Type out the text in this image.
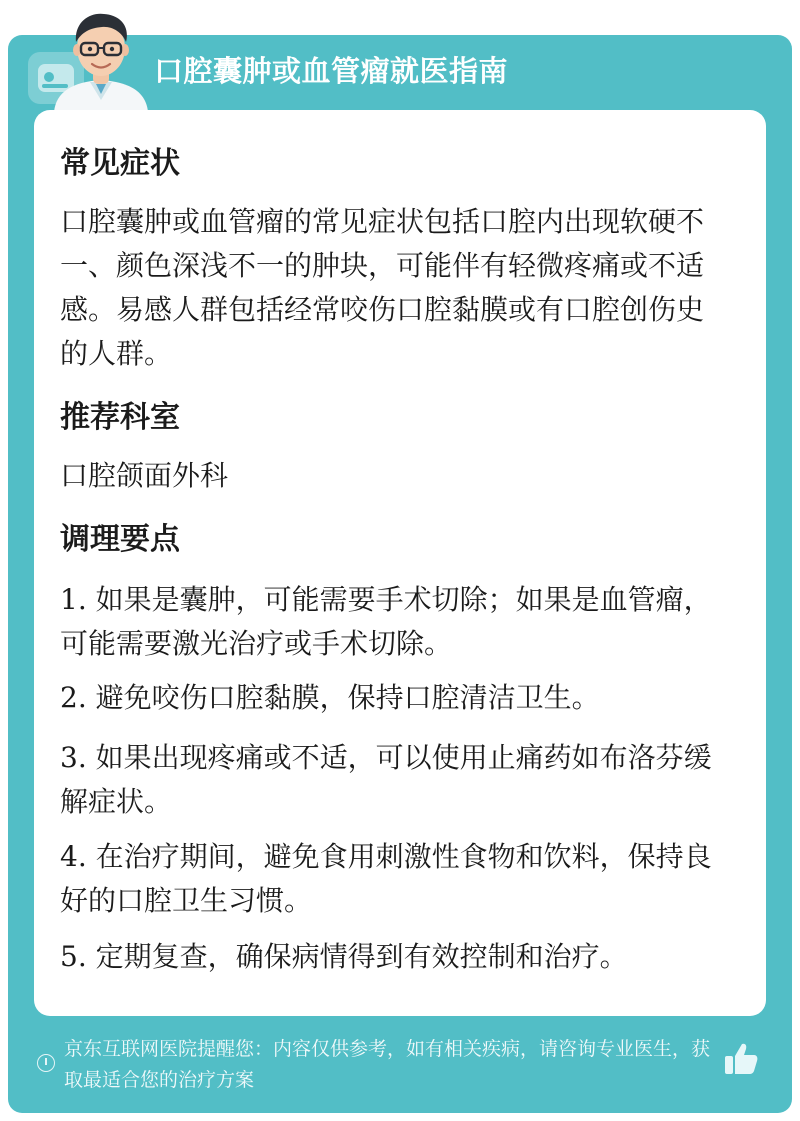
口腔囊肿或血管瘤就医指南
常见症状
口腔囊肿或血管瘤的常见症状包括口腔内出现软硬不一、颜色深浅不一的肿块，可能伴有轻微疼痛或不适感。易感人群包括经常咬伤口腔黏膜或有口腔创伤史的人群。
推荐科室
口腔颌面外科
调理要点
1. 如果是囊肿，可能需要手术切除；如果是血管瘤，可能需要激光治疗或手术切除。
2. 避免咬伤口腔黏膜，保持口腔清洁卫生。
3. 如果出现疼痛或不适，可以使用止痛药如布洛芬缓解症状。
4. 在治疗期间，避免食用刺激性食物和饮料，保持良好的口腔卫生习惯。
5. 定期复查，确保病情得到有效控制和治疗。
京东互联网医院提醒您：内容仅供参考，如有相关疾病，请咨询专业医生，获取最适合您的治疗方案
